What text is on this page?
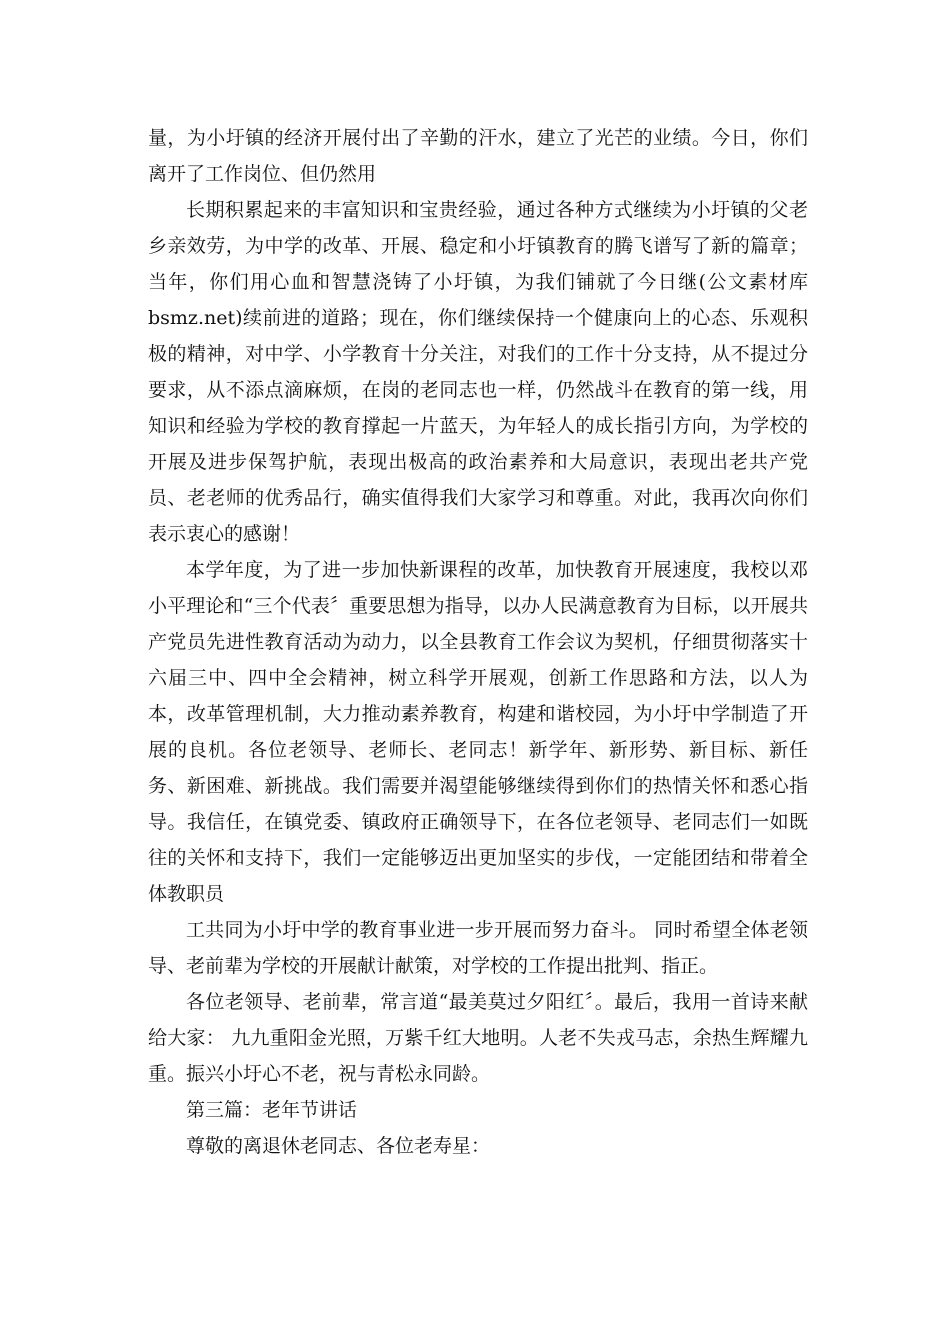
量，为小圩镇的经济开展付出了辛勤的汗水，建立了光芒的业绩。今日，你们离开了工作岗位、但仍然用

长期积累起来的丰富知识和宝贵经验，通过各种方式继续为小圩镇的父老乡亲效劳，为中学的改革、开展、稳定和小圩镇教育的腾飞谱写了新的篇章；当年，你们用心血和智慧浇铸了小圩镇，为我们铺就了今日继(公文素材库bsmz.net)续前进的道路；现在，你们继续保持一个健康向上的心态、乐观积极的精神，对中学、小学教育十分关注，对我们的工作十分支持，从不提过分要求，从不添点滴麻烦，在岗的老同志也一样，仍然战斗在教育的第一线，用知识和经验为学校的教育撑起一片蓝天，为年轻人的成长指引方向，为学校的开展及进步保驾护航，表现出极高的政治素养和大局意识，表现出老共产党员、老老师的优秀品行，确实值得我们大家学习和尊重。对此，我再次向你们表示衷心的感谢！

本学年度，为了进一步加快新课程的改革，加快教育开展速度，我校以邓小平理论和“三个代表〞重要思想为指导，以办人民满意教育为目标，以开展共产党员先进性教育活动为动力，以全县教育工作会议为契机，仔细贯彻落实十六届三中、四中全会精神，树立科学开展观，创新工作思路和方法，以人为本，改革管理机制，大力推动素养教育，构建和谐校园，为小圩中学制造了开展的良机。各位老领导、老师长、老同志！新学年、新形势、新目标、新任务、新困难、新挑战。我们需要并渴望能够继续得到你们的热情关怀和悉心指导。我信任，在镇党委、镇政府正确领导下，在各位老领导、老同志们一如既往的关怀和支持下，我们一定能够迈出更加坚实的步伐，一定能团结和带着全体教职员

工共同为小圩中学的教育事业进一步开展而努力奋斗。 同时希望全体老领导、老前辈为学校的开展献计献策，对学校的工作提出批判、指正。

各位老领导、老前辈，常言道“最美莫过夕阳红〞。最后，我用一首诗来献给大家： 九九重阳金光照，万紫千红大地明。人老不失戎马志，余热生辉耀九重。振兴小圩心不老，祝与青松永同龄。

第三篇：老年节讲话

尊敬的离退休老同志、各位老寿星：
